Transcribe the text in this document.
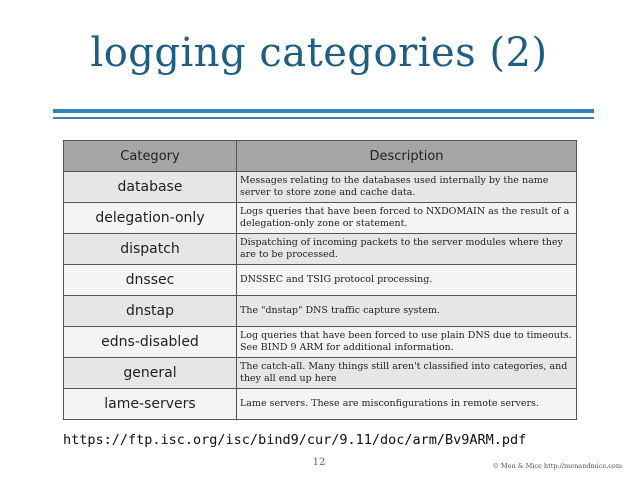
logging categories (2)
Category	Description
database	Messages relating to the databases used internally by the name server to store zone and cache data.
delegation-only	Logs queries that have been forced to NXDOMAIN as the result of a delegation-only zone or statement.
dispatch	Dispatching of incoming packets to the server modules where they are to be processed.
dnssec	DNSSEC and TSIG protocol processing.
dnstap	The "dnstap" DNS traffic capture system.
edns-disabled	Log queries that have been forced to use plain DNS due to timeouts. See BIND 9 ARM for additional information.
general	The catch-all. Many things still aren't classified into categories, and they all end up here
lame-servers	Lame servers. These are misconfigurations in remote servers.
https://ftp.isc.org/isc/bind9/cur/9.11/doc/arm/Bv9ARM.pdf
12	© Men & Mice http://menandmice.com
